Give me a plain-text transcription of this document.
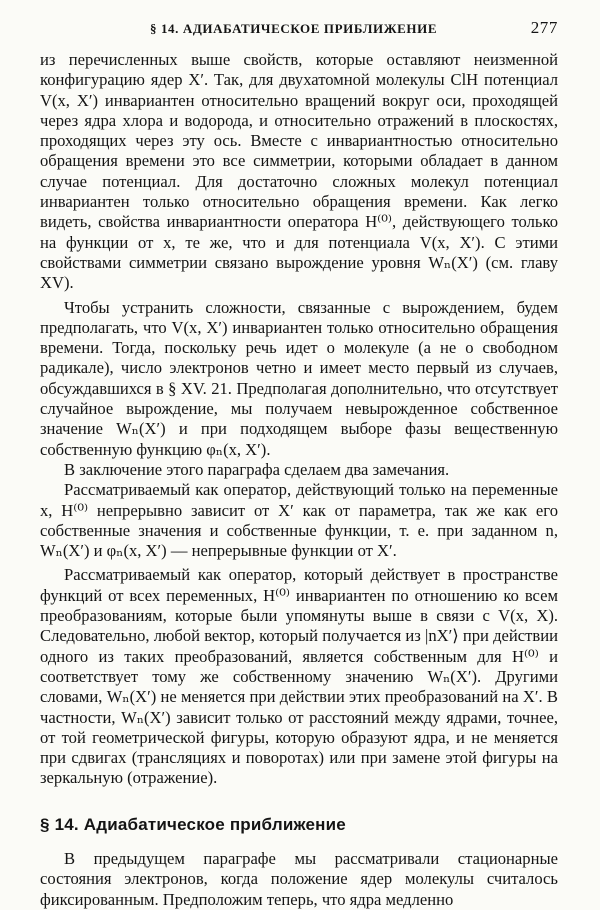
§ 14. АДИАБАТИЧЕСКОЕ ПРИБЛИЖЕНИЕ	277

из перечисленных выше свойств, которые оставляют неизменной конфигурацию ядер X′. Так, для двухатомной молекулы ClH потенциал V(x, X′) инвариантен относительно вращений вокруг оси, проходящей через ядра хлора и водорода, и относительно отражений в плоскостях, проходящих через эту ось. Вместе с инвариантностью относительно обращения времени это все симметрии, которыми обладает в данном случае потенциал. Для достаточно сложных молекул потенциал инвариантен только относительно обращения времени. Как легко видеть, свойства инвариантности оператора H⁽⁰⁾, действующего только на функции от x, те же, что и для потенциала V(x, X′). С этими свойствами симметрии связано вырождение уровня Wₙ(X′) (см. главу XV).

Чтобы устранить сложности, связанные с вырождением, будем предполагать, что V(x, X′) инвариантен только относительно обращения времени. Тогда, поскольку речь идет о молекуле (а не о свободном радикале), число электронов четно и имеет место первый из случаев, обсуждавшихся в § XV. 21. Предполагая дополнительно, что отсутствует случайное вырождение, мы получаем невырожденное собственное значение Wₙ(X′) и при подходящем выборе фазы вещественную собственную функцию φₙ(x, X′).

В заключение этого параграфа сделаем два замечания.

Рассматриваемый как оператор, действующий только на переменные x, H⁽⁰⁾ непрерывно зависит от X′ как от параметра, так же как его собственные значения и собственные функции, т. е. при заданном n, Wₙ(X′) и φₙ(x, X′) — непрерывные функции от X′.

Рассматриваемый как оператор, который действует в пространстве функций от всех переменных, H⁽⁰⁾ инвариантен по отношению ко всем преобразованиям, которые были упомянуты выше в связи с V(x, X). Следовательно, любой вектор, который получается из |nX′⟩ при действии одного из таких преобразований, является собственным для H⁽⁰⁾ и соответствует тому же собственному значению Wₙ(X′). Другими словами, Wₙ(X′) не меняется при действии этих преобразований на X′. В частности, Wₙ(X′) зависит только от расстояний между ядрами, точнее, от той геометрической фигуры, которую образуют ядра, и не меняется при сдвигах (трансляциях и поворотах) или при замене этой фигуры на зеркальную (отражение).

§ 14. Адиабатическое приближение

В предыдущем параграфе мы рассматривали стационарные состояния электронов, когда положение ядер молекулы считалось фиксированным. Предположим теперь, что ядра медленно
